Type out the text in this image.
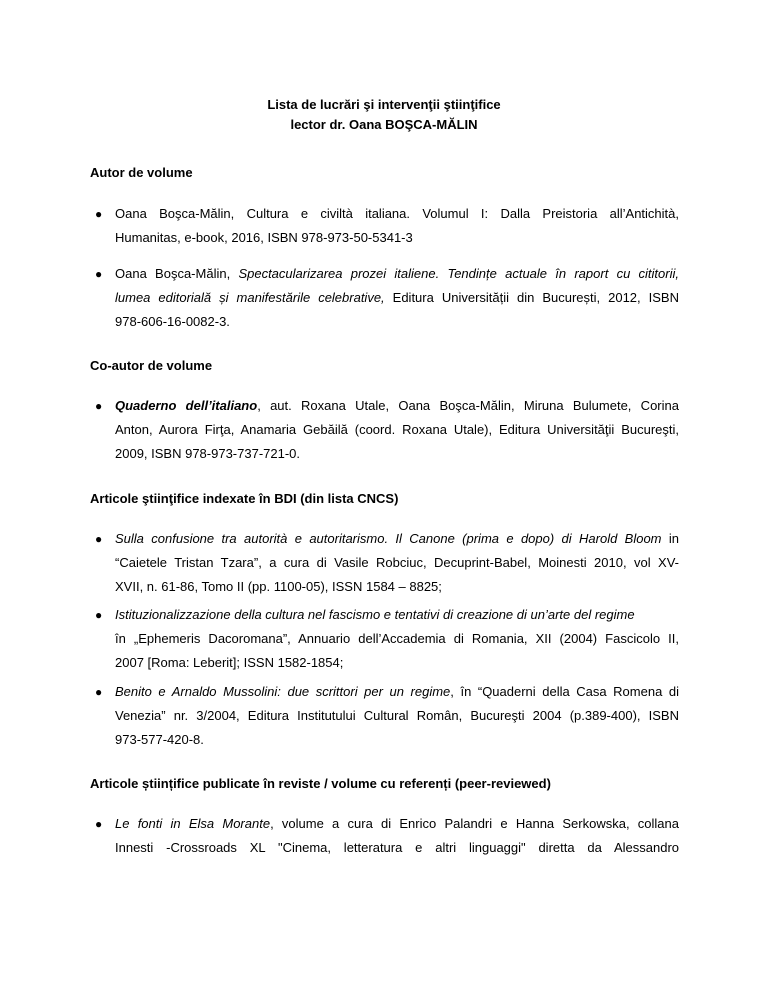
Lista de lucrări şi intervenţii ştiinţifice
lector dr. Oana BOŞCA-MĂLIN
Autor de volume
● Oana Boşca-Mălin, Cultura e civiltà italiana. Volumul I: Dalla Preistoria all’Antichità,
Humanitas, e-book, 2016, ISBN 978-973-50-5341-3
● Oana Boşca-Mălin, Spectacularizarea prozei italiene. Tendințe actuale în raport cu cititorii,
lumea editorială și manifestările celebrative, Editura Universității din București, 2012, ISBN
978-606-16-0082-3.
Co-autor de volume
● Quaderno dell’italiano, aut. Roxana Utale, Oana Boşca-Mălin, Miruna Bulumete, Corina
Anton, Aurora Firţa, Anamaria Gebăilă (coord. Roxana Utale), Editura Universităţii Bucureşti,
2009, ISBN 978-973-737-721-0.
Articole ştiinţifice indexate în BDI (din lista CNCS)
● Sulla confusione tra autorità e autoritarismo. Il Canone (prima e dopo) di Harold Bloom in
“Caietele Tristan Tzara”, a cura di Vasile Robciuc, Decuprint-Babel, Moinesti 2010, vol XV-
XVII, n. 61-86, Tomo II (pp. 1100-05), ISSN 1584 – 8825;
● Istituzionalizzazione della cultura nel fascismo e tentativi di creazione di un’arte del regime
în „Ephemeris Dacoromana”, Annuario dell’Accademia di Romania, XII (2004) Fascicolo II,
2007 [Roma: Leberit]; ISSN 1582-1854;
● Benito e Arnaldo Mussolini: due scrittori per un regime, în “Quaderni della Casa Romena di
Venezia” nr. 3/2004, Editura Institutului Cultural Român, Bucureşti 2004 (p.389-400), ISBN
973-577-420-8.
Articole științifice publicate în reviste / volume cu referenți (peer-reviewed)
● Le fonti in Elsa Morante, volume a cura di Enrico Palandri e Hanna Serkowska, collana
Innesti -Crossroads XL "Cinema, letteratura e altri linguaggi" diretta da Alessandro
